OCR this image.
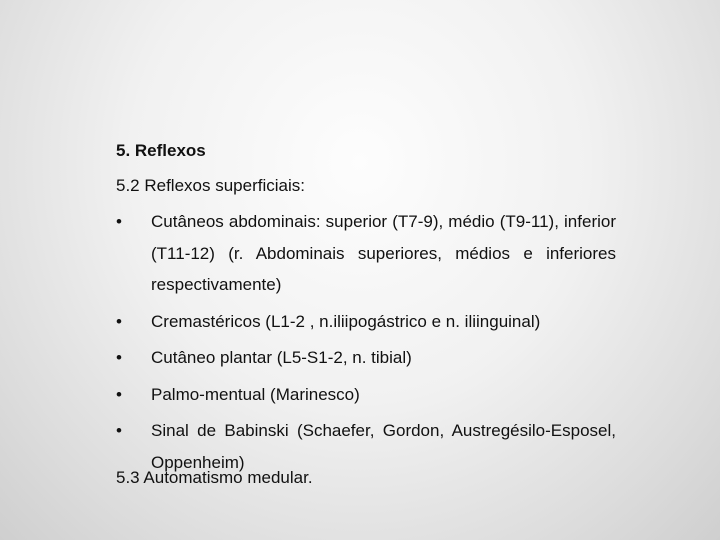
5. Reflexos
5.2 Reflexos superficiais:
• Cutâneos abdominais: superior (T7-9), médio (T9-11), inferior (T11-12) (r. Abdominais superiores, médios e inferiores respectivamente)
• Cremastéricos (L1-2 , n.iliipogástrico e n. iliinguinal)
• Cutâneo plantar (L5-S1-2, n. tibial)
• Palmo-mentual (Marinesco)
• Sinal de Babinski (Schaefer, Gordon, Austregésilo-Esposel, Oppenheim)
5.3 Automatismo medular.
